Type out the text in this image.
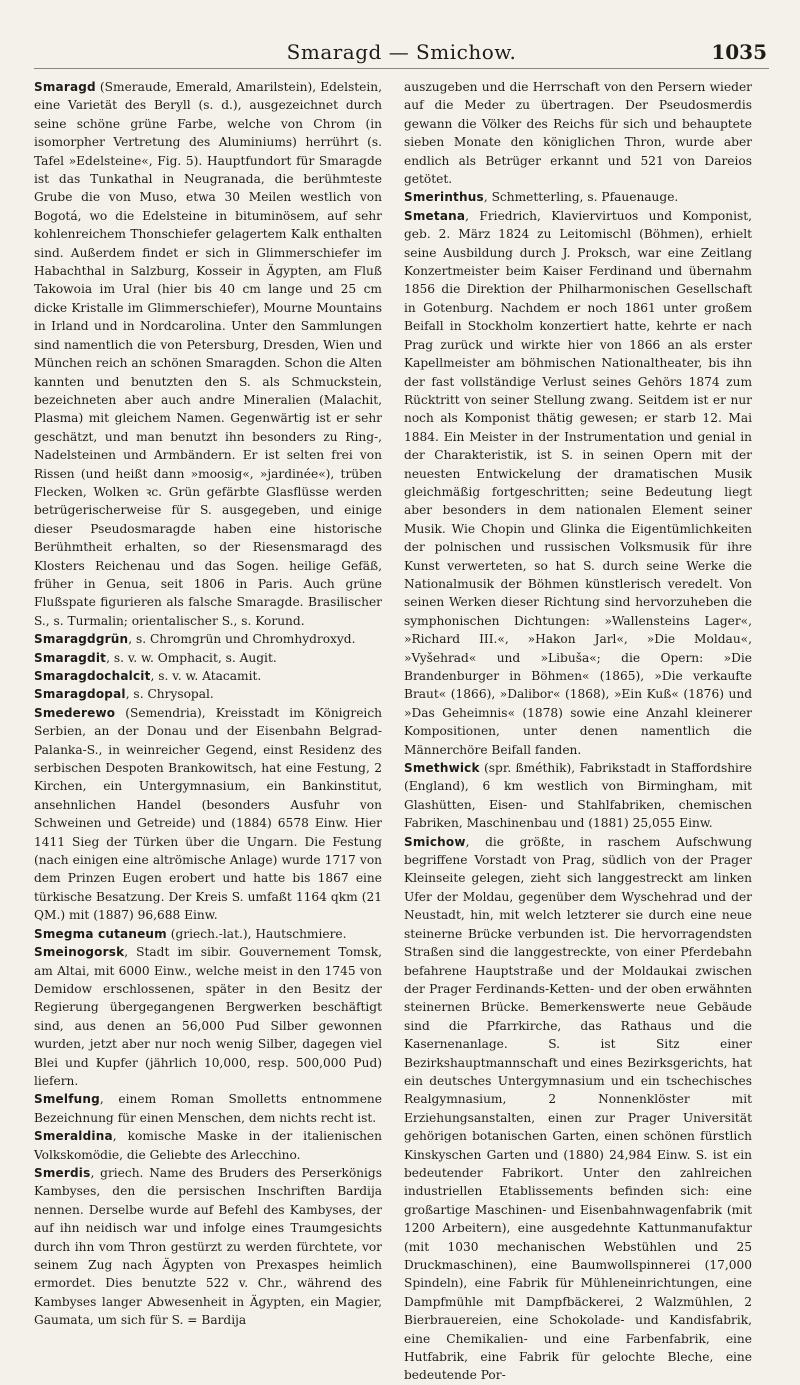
Smaragd — Smichow.	1035

Smaragd (Smeraude, Emerald, Amarilstein), Edelstein, eine Varietät des Beryll (s. d.), ausgezeichnet durch seine schöne grüne Farbe, welche von Chrom (in isomorpher Vertretung des Aluminiums) herrührt (s. Tafel »Edelsteine«, Fig. 5). Hauptfundort für Smaragde ist das Tunkathal in Neugranada, die berühmteste Grube die von Muso, etwa 30 Meilen westlich von Bogotá, wo die Edelsteine in bituminösem, auf sehr kohlenreichem Thonschiefer gelagertem Kalk enthalten sind. Außerdem findet er sich in Glimmerschiefer im Habachthal in Salzburg, Kosseir in Ägypten, am Fluß Takowoia im Ural (hier bis 40 cm lange und 25 cm dicke Kristalle im Glimmerschiefer), Mourne Mountains in Irland und in Nordcarolina. Unter den Sammlungen sind namentlich die von Petersburg, Dresden, Wien und München reich an schönen Smaragden. Schon die Alten kannten und benutzten den S. als Schmuckstein, bezeichneten aber auch andre Mineralien (Malachit, Plasma) mit gleichem Namen. Gegenwärtig ist er sehr geschätzt, und man benutzt ihn besonders zu Ring-, Nadelsteinen und Armbändern. Er ist selten frei von Rissen (und heißt dann »moosig«, »jardinée«), trüben Flecken, Wolken ꝛc. Grün gefärbte Glasflüsse werden betrügerischerweise für S. ausgegeben, und einige dieser Pseudosmaragde haben eine historische Berühmtheit erhalten, so der Riesensmaragd des Klosters Reichenau und das Sogen. heilige Gefäß, früher in Genua, seit 1806 in Paris. Auch grüne Flußspate figurieren als falsche Smaragde. Brasilischer S., s. Turmalin; orientalischer S., s. Korund.

Smaragdgrün, s. Chromgrün und Chromhydroxyd.

Smaragdit, s. v. w. Omphacit, s. Augit.

Smaragdochalcit, s. v. w. Atacamit.

Smaragdopal, s. Chrysopal.

Smederewo (Semendria), Kreisstadt im Königreich Serbien, an der Donau und der Eisenbahn Belgrad-Palanka-S., in weinreicher Gegend, einst Residenz des serbischen Despoten Brankowitsch, hat eine Festung, 2 Kirchen, ein Untergymnasium, ein Bankinstitut, ansehnlichen Handel (besonders Ausfuhr von Schweinen und Getreide) und (1884) 6578 Einw. Hier 1411 Sieg der Türken über die Ungarn. Die Festung (nach einigen eine altrömische Anlage) wurde 1717 von dem Prinzen Eugen erobert und hatte bis 1867 eine türkische Besatzung. Der Kreis S. umfaßt 1164 qkm (21 QM.) mit (1887) 96,688 Einw.

Smegma cutaneum (griech.-lat.), Hautschmiere.

Smeinogorsk, Stadt im sibir. Gouvernement Tomsk, am Altai, mit 6000 Einw., welche meist in den 1745 von Demidow erschlossenen, später in den Besitz der Regierung übergegangenen Bergwerken beschäftigt sind, aus denen an 56,000 Pud Silber gewonnen wurden, jetzt aber nur noch wenig Silber, dagegen viel Blei und Kupfer (jährlich 10,000, resp. 500,000 Pud) liefern.

Smelfung, einem Roman Smolletts entnommene Bezeichnung für einen Menschen, dem nichts recht ist.

Smeraldina, komische Maske in der italienischen Volkskomödie, die Geliebte des Arlecchino.

Smerdis, griech. Name des Bruders des Perserkönigs Kambyses, den die persischen Inschriften Bardija nennen. Derselbe wurde auf Befehl des Kambyses, der auf ihn neidisch war und infolge eines Traumgesichts durch ihn vom Thron gestürzt zu werden fürchtete, vor seinem Zug nach Ägypten von Prexaspes heimlich ermordet. Dies benutzte 522 v. Chr., während des Kambyses langer Abwesenheit in Ägypten, ein Magier, Gaumata, um sich für S. = Bardija

auszugeben und die Herrschaft von den Persern wieder auf die Meder zu übertragen. Der Pseudosmerdis gewann die Völker des Reichs für sich und behauptete sieben Monate den königlichen Thron, wurde aber endlich als Betrüger erkannt und 521 von Dareios getötet.

Smerinthus, Schmetterling, s. Pfauenauge.

Smetana, Friedrich, Klaviervirtuos und Komponist, geb. 2. März 1824 zu Leitomischl (Böhmen), erhielt seine Ausbildung durch J. Proksch, war eine Zeitlang Konzertmeister beim Kaiser Ferdinand und übernahm 1856 die Direktion der Philharmonischen Gesellschaft in Gotenburg. Nachdem er noch 1861 unter großem Beifall in Stockholm konzertiert hatte, kehrte er nach Prag zurück und wirkte hier von 1866 an als erster Kapellmeister am böhmischen Nationaltheater, bis ihn der fast vollständige Verlust seines Gehörs 1874 zum Rücktritt von seiner Stellung zwang. Seitdem ist er nur noch als Komponist thätig gewesen; er starb 12. Mai 1884. Ein Meister in der Instrumentation und genial in der Charakteristik, ist S. in seinen Opern mit der neuesten Entwickelung der dramatischen Musik gleichmäßig fortgeschritten; seine Bedeutung liegt aber besonders in dem nationalen Element seiner Musik. Wie Chopin und Glinka die Eigentümlichkeiten der polnischen und russischen Volksmusik für ihre Kunst verwerteten, so hat S. durch seine Werke die Nationalmusik der Böhmen künstlerisch veredelt. Von seinen Werken dieser Richtung sind hervorzuheben die symphonischen Dichtungen: »Wallensteins Lager«, »Richard III.«, »Hakon Jarl«, »Die Moldau«, »Vyšehrad« und »Libuša«; die Opern: »Die Brandenburger in Böhmen« (1865), »Die verkaufte Braut« (1866), »Dalibor« (1868), »Ein Kuß« (1876) und »Das Geheimnis« (1878) sowie eine Anzahl kleinerer Kompositionen, unter denen namentlich die Männerchöre Beifall fanden.

Smethwick (spr. ßméthik), Fabrikstadt in Staffordshire (England), 6 km westlich von Birmingham, mit Glashütten, Eisen- und Stahlfabriken, chemischen Fabriken, Maschinenbau und (1881) 25,055 Einw.

Smichow, die größte, in raschem Aufschwung begriffene Vorstadt von Prag, südlich von der Prager Kleinseite gelegen, zieht sich langgestreckt am linken Ufer der Moldau, gegenüber dem Wyschehrad und der Neustadt, hin, mit welch letzterer sie durch eine neue steinerne Brücke verbunden ist. Die hervorragendsten Straßen sind die langgestreckte, von einer Pferdebahn befahrene Hauptstraße und der Moldaukai zwischen der Prager Ferdinands-Ketten- und der oben erwähnten steinernen Brücke. Bemerkenswerte neue Gebäude sind die Pfarrkirche, das Rathaus und die Kasernenanlage. S. ist Sitz einer Bezirkshauptmannschaft und eines Bezirksgerichts, hat ein deutsches Untergymnasium und ein tschechisches Realgymnasium, 2 Nonnenklöster mit Erziehungsanstalten, einen zur Prager Universität gehörigen botanischen Garten, einen schönen fürstlich Kinskyschen Garten und (1880) 24,984 Einw. S. ist ein bedeutender Fabrikort. Unter den zahlreichen industriellen Etablissements befinden sich: eine großartige Maschinen- und Eisenbahnwagenfabrik (mit 1200 Arbeitern), eine ausgedehnte Kattunmanufaktur (mit 1030 mechanischen Webstühlen und 25 Druckmaschinen), eine Baumwollspinnerei (17,000 Spindeln), eine Fabrik für Mühleneinrichtungen, eine Dampfmühle mit Dampfbäckerei, 2 Walzmühlen, 2 Bierbrauereien, eine Schokolade- und Kandisfabrik, eine Chemikalien- und eine Farbenfabrik, eine Hutfabrik, eine Fabrik für gelochte Bleche, eine bedeutende Por-
